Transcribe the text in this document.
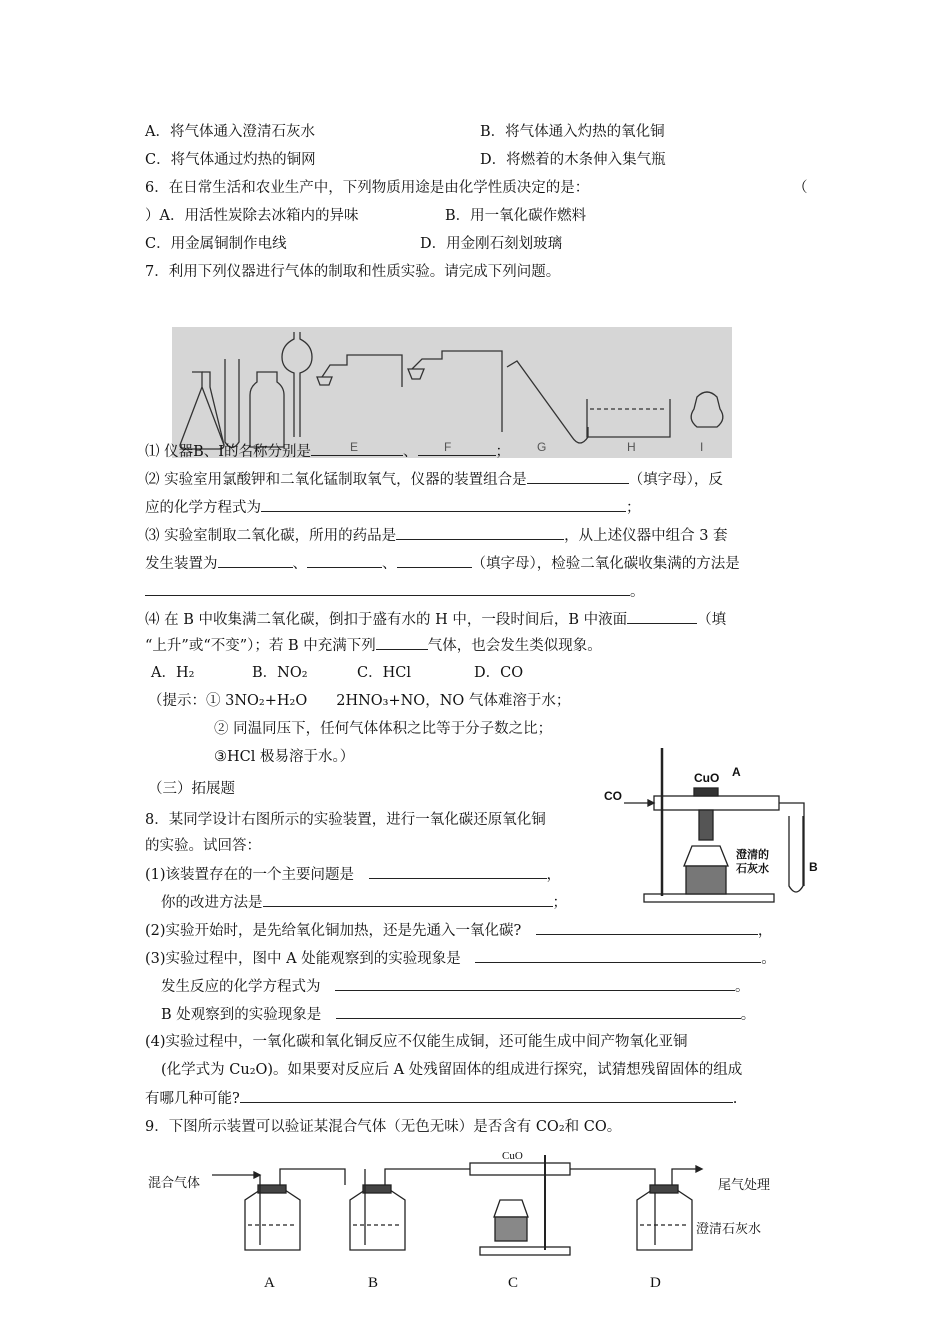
A．将气体通入澄清石灰水	B．将气体通入灼热的氧化铜
C．将气体通过灼热的铜网	D．将燃着的木条伸入集气瓶
6．在日常生活和农业生产中，下列物质用途是由化学性质决定的是：	（
）A．用活性炭除去冰箱内的异味	B．用一氧化碳作燃料
C．用金属铜制作电线	D．用金刚石刻划玻璃
7．利用下列仪器进行气体的制取和性质实验。请完成下列问题。
E	F	G	H	I
⑴ 仪器B、I的名称分别是	、	；
⑵ 实验室用氯酸钾和二氧化锰制取氧气，仪器的装置组合是	（填字母），反
应的化学方程式为	；
⑶ 实验室制取二氧化碳，所用的药品是	，从上述仪器中组合 3 套
发生装置为	、	、	（填字母），检验二氧化碳收集满的方法是
。
⑷ 在 B 中收集满二氧化碳，倒扣于盛有水的 H 中，一段时间后，B 中液面	（填
“上升”或“不变”）；若 B 中充满下列	气体，也会发生类似现象。
A．H₂	B．NO₂	C．HCl	D．CO
（提示：① 3NO₂+H₂O　　2HNO₃+NO，NO 气体难溶于水；
② 同温同压下，任何气体体积之比等于分子数之比；
③HCl 极易溶于水。）
（三）拓展题	CO
CuO A
B
澄清的
石灰水
8．某同学设计右图所示的实验装置，进行一氧化碳还原氧化铜
的实验。试回答：
(1)该装置存在的一个主要问题是　	，
你的改进方法是	；
(2)实验开始时，是先给氧化铜加热，还是先通入一氧化碳?　	，
(3)实验过程中，图中 A 处能观察到的实验现象是　	。
发生反应的化学方程式为　	。
B 处观察到的实验现象是　	。
(4)实验过程中，一氧化碳和氧化铜反应不仅能生成铜，还可能生成中间产物氧化亚铜
(化学式为 Cu₂O)。如果要对反应后 A 处残留固体的组成进行探究，试猜想残留固体的组成
有哪几种可能?	.
9．下图所示装置可以验证某混合气体（无色无味）是否含有 CO₂和 CO。
混合气体
CuO
尾气处理
澄清石灰水
A	B	C	D
